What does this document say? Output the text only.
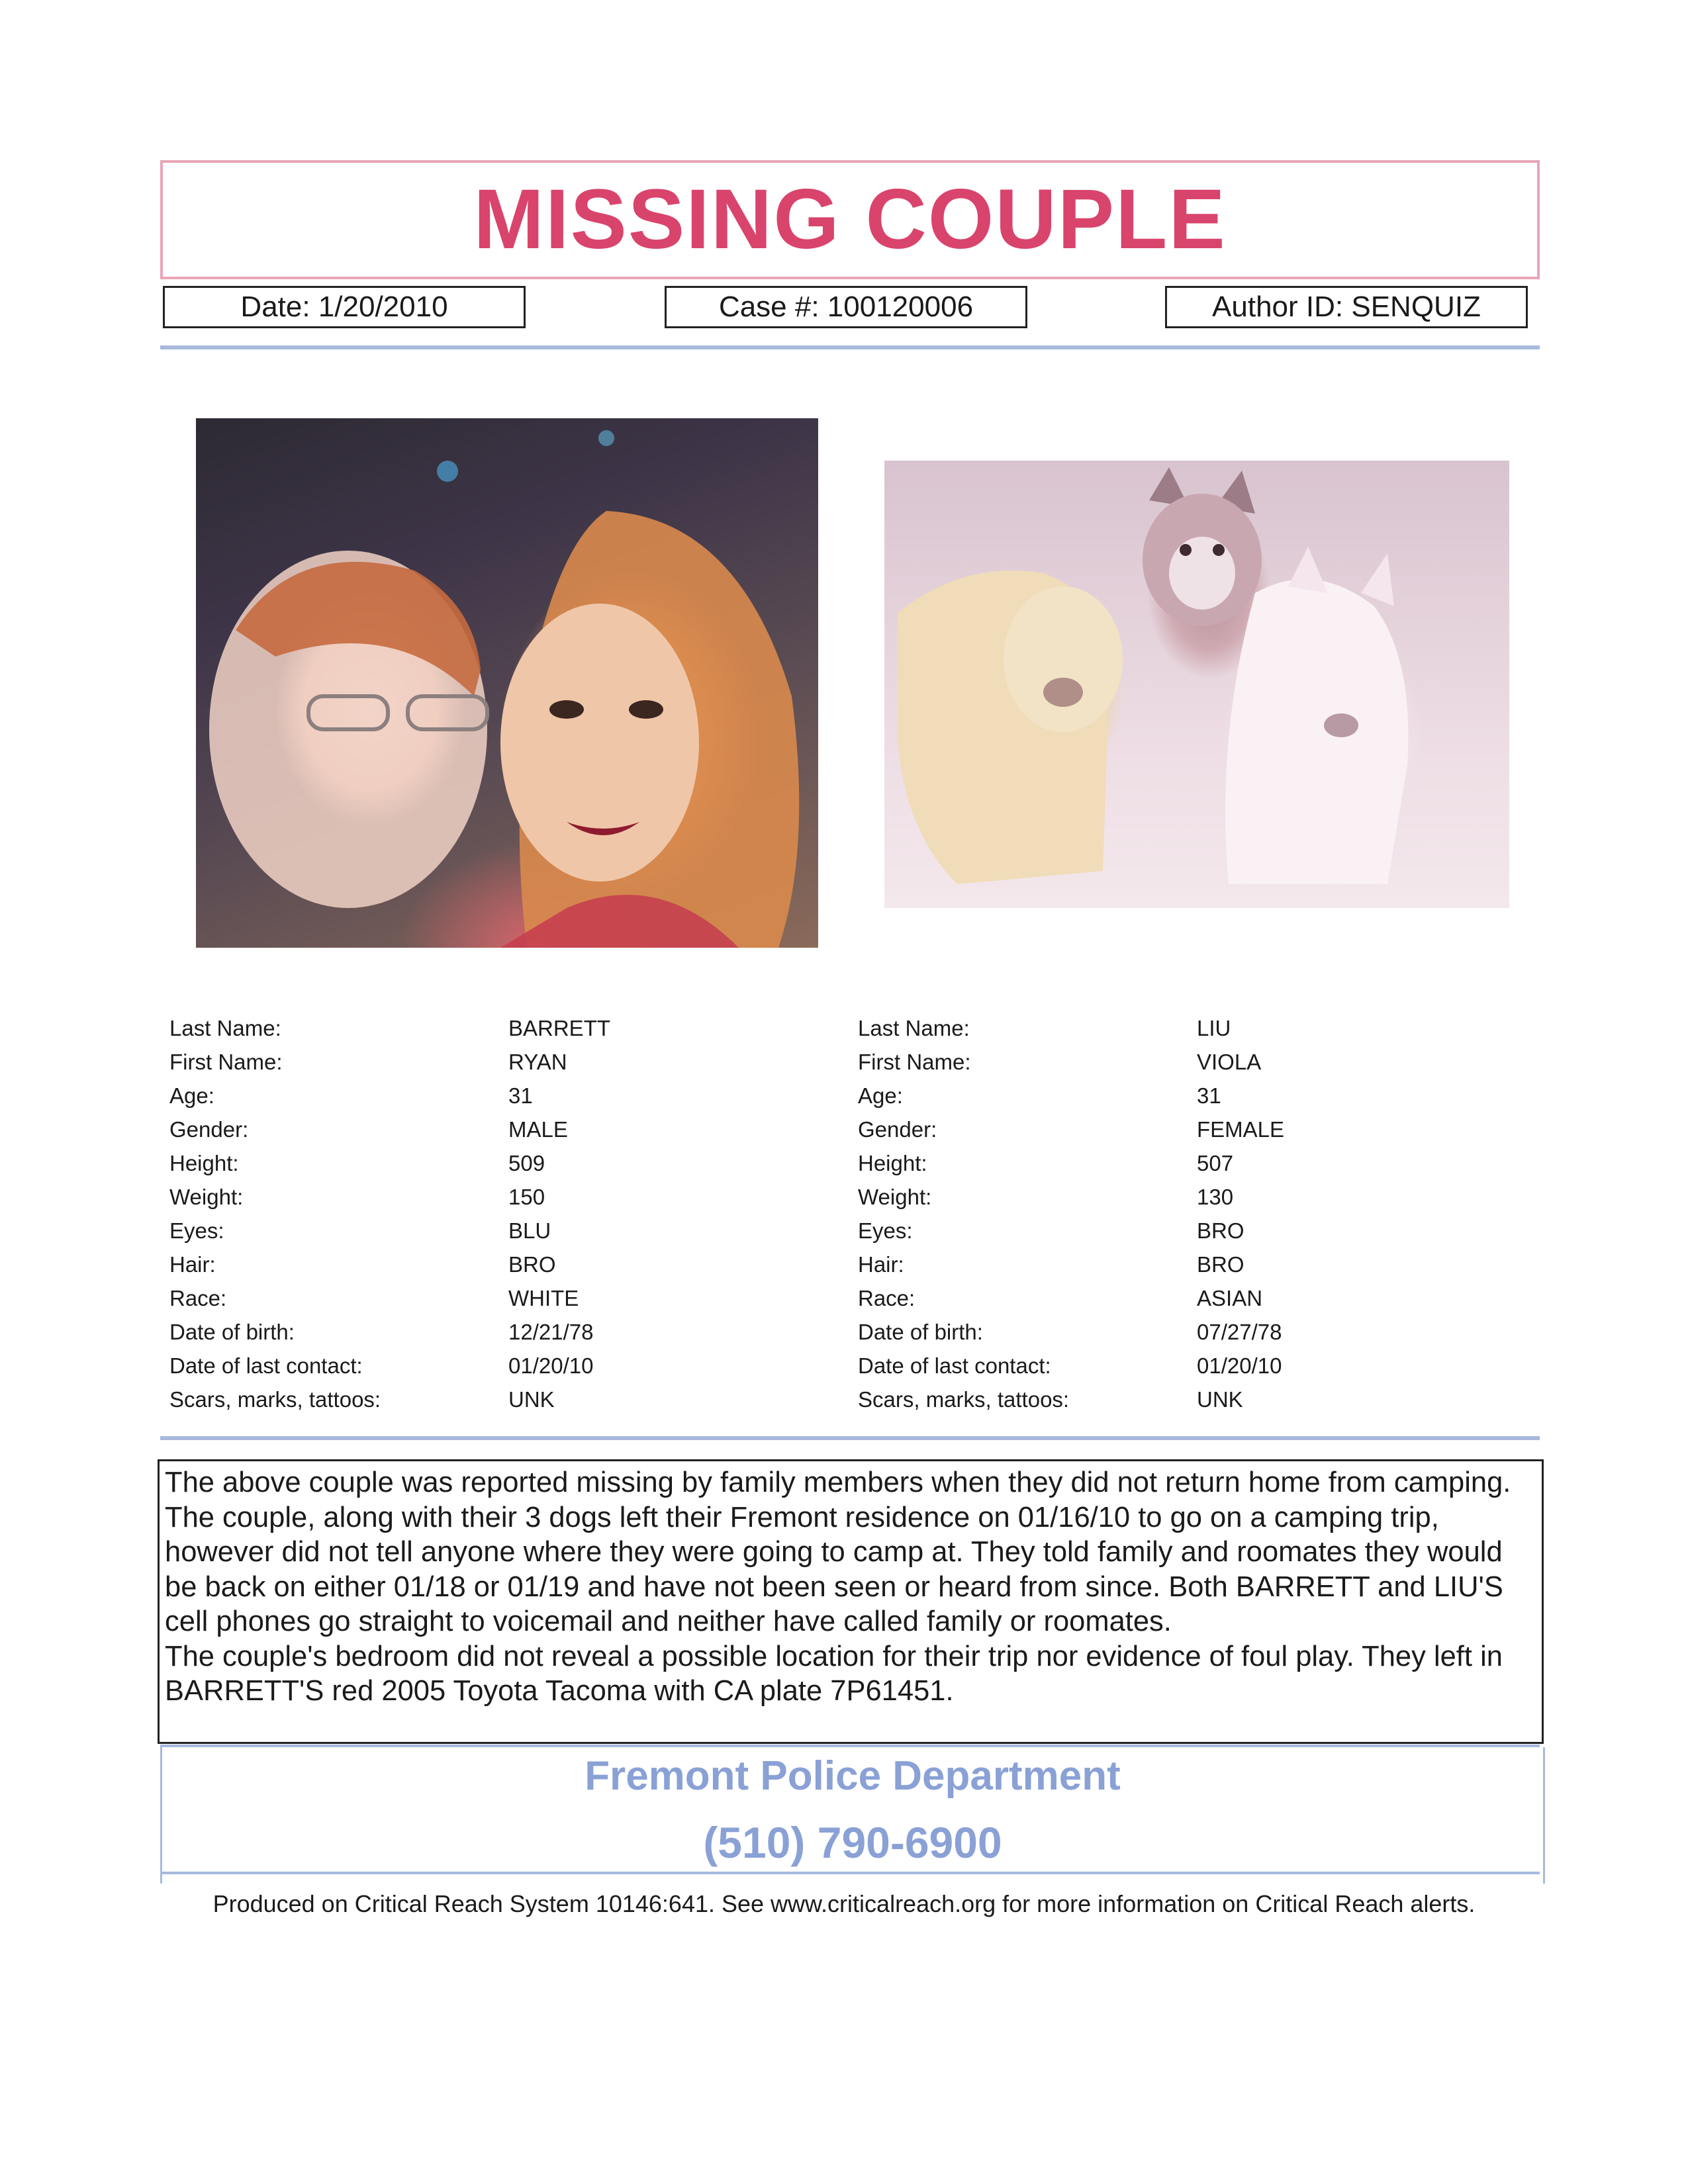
MISSING COUPLE
Date: 1/20/2010	Case #: 100120006	Author ID: SENQUIZ
Last Name:	BARRETT
First Name:	RYAN
Age:	31
Gender:	MALE
Height:	509
Weight:	150
Eyes:	BLU
Hair:	BRO
Race:	WHITE
Date of birth:	12/21/78
Date of last contact:	01/20/10
Scars, marks, tattoos:	UNK
Last Name:	LIU
First Name:	VIOLA
Age:	31
Gender:	FEMALE
Height:	507
Weight:	130
Eyes:	BRO
Hair:	BRO
Race:	ASIAN
Date of birth:	07/27/78
Date of last contact:	01/20/10
Scars, marks, tattoos:	UNK

The above couple was reported missing by family members when they did not return home from camping. The couple, along with their 3 dogs left their Fremont residence on 01/16/10 to go on a camping trip, however did not tell anyone where they were going to camp at. They told family and roomates they would be back on either 01/18 or 01/19 and have not been seen or heard from since. Both BARRETT and LIU'S cell phones go straight to voicemail and neither have called family or roomates.

The couple's bedroom did not reveal a possible location for their trip nor evidence of foul play. They left in BARRETT'S red 2005 Toyota Tacoma with CA plate 7P61451.

Fremont Police Department
(510) 790-6900
Produced on Critical Reach System 10146:641. See www.criticalreach.org for more information on Critical Reach alerts.
